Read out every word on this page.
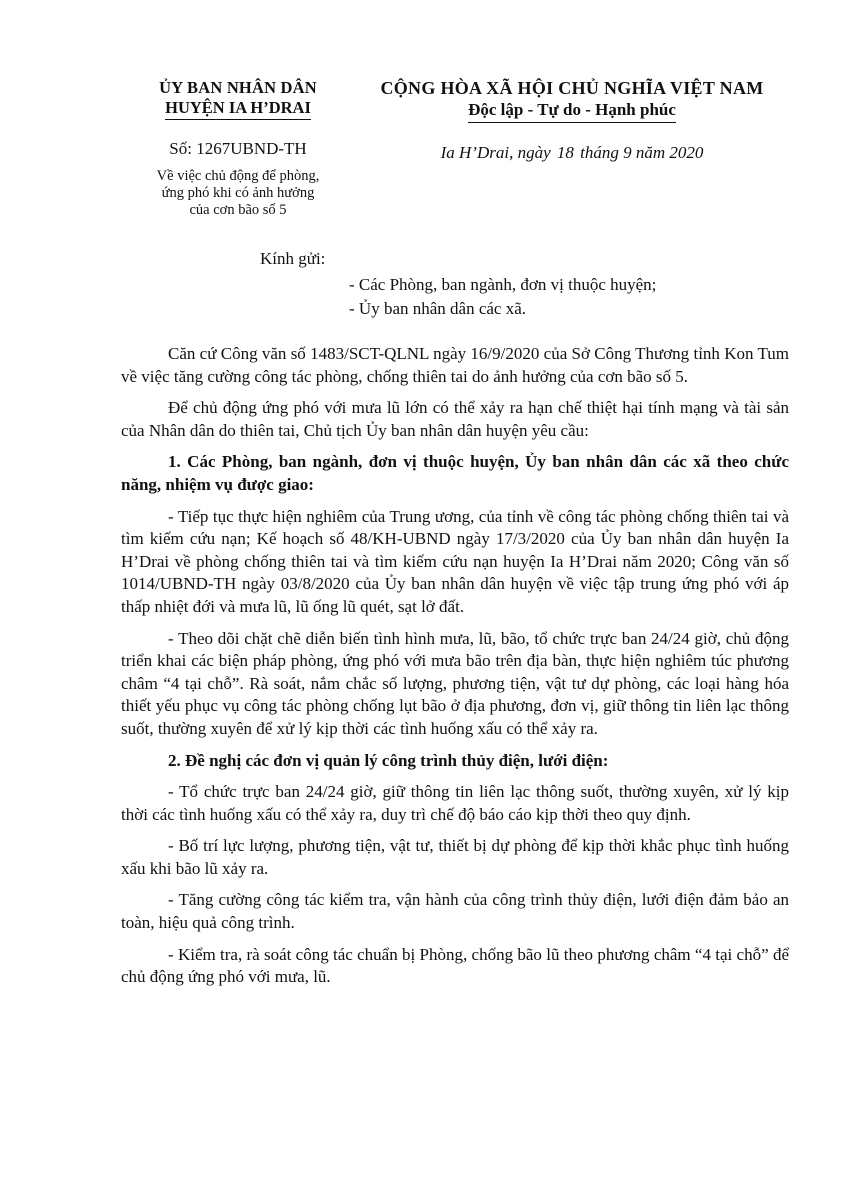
ỦY BAN NHÂN DÂN
HUYỆN IA H’DRAI
Số: 1267UBND-TH
Về việc chủ động để phòng,
ứng phó khi có ảnh hưởng
của cơn bão số 5
CỘNG HÒA XÃ HỘI CHỦ NGHĨA VIỆT NAM
Độc lập - Tự do - Hạnh phúc
Ia H’Drai, ngày 18 tháng 9 năm 2020
Kính gửi:
- Các Phòng, ban ngành, đơn vị thuộc huyện;
- Ủy ban nhân dân các xã.

Căn cứ Công văn số 1483/SCT-QLNL ngày 16/9/2020 của Sở Công Thương tỉnh Kon Tum về việc tăng cường công tác phòng, chống thiên tai do ảnh hưởng của cơn bão số 5.

Để chủ động ứng phó với mưa lũ lớn có thể xảy ra hạn chế thiệt hại tính mạng và tài sản của Nhân dân do thiên tai, Chủ tịch Ủy ban nhân dân huyện yêu cầu:

1. Các Phòng, ban ngành, đơn vị thuộc huyện, Ủy ban nhân dân các xã theo chức năng, nhiệm vụ được giao:

- Tiếp tục thực hiện nghiêm của Trung ương, của tỉnh về công tác phòng chống thiên tai và tìm kiếm cứu nạn; Kế hoạch số 48/KH-UBND ngày 17/3/2020 của Ủy ban nhân dân huyện Ia H’Drai về phòng chống thiên tai và tìm kiếm cứu nạn huyện Ia H’Drai năm 2020; Công văn số 1014/UBND-TH ngày 03/8/2020 của Ủy ban nhân dân huyện về việc tập trung ứng phó với áp thấp nhiệt đới và mưa lũ, lũ ống lũ quét, sạt lở đất.

- Theo dõi chặt chẽ diễn biến tình hình mưa, lũ, bão, tổ chức trực ban 24/24 giờ, chủ động triển khai các biện pháp phòng, ứng phó với mưa bão trên địa bàn, thực hiện nghiêm túc phương châm “4 tại chỗ”. Rà soát, nắm chắc số lượng, phương tiện, vật tư dự phòng, các loại hàng hóa thiết yếu phục vụ công tác phòng chống lụt bão ở địa phương, đơn vị, giữ thông tin liên lạc thông suốt, thường xuyên để xử lý kịp thời các tình huống xấu có thể xảy ra.

2. Đề nghị các đơn vị quản lý công trình thủy điện, lưới điện:

- Tổ chức trực ban 24/24 giờ, giữ thông tin liên lạc thông suốt, thường xuyên, xử lý kịp thời các tình huống xấu có thể xảy ra, duy trì chế độ báo cáo kịp thời theo quy định.

- Bố trí lực lượng, phương tiện, vật tư, thiết bị dự phòng để kịp thời khắc phục tình huống xấu khi bão lũ xảy ra.

- Tăng cường công tác kiểm tra, vận hành của công trình thủy điện, lưới điện đảm bảo an toàn, hiệu quả công trình.

- Kiểm tra, rà soát công tác chuẩn bị Phòng, chống bão lũ theo phương châm “4 tại chỗ” để chủ động ứng phó với mưa, lũ.
